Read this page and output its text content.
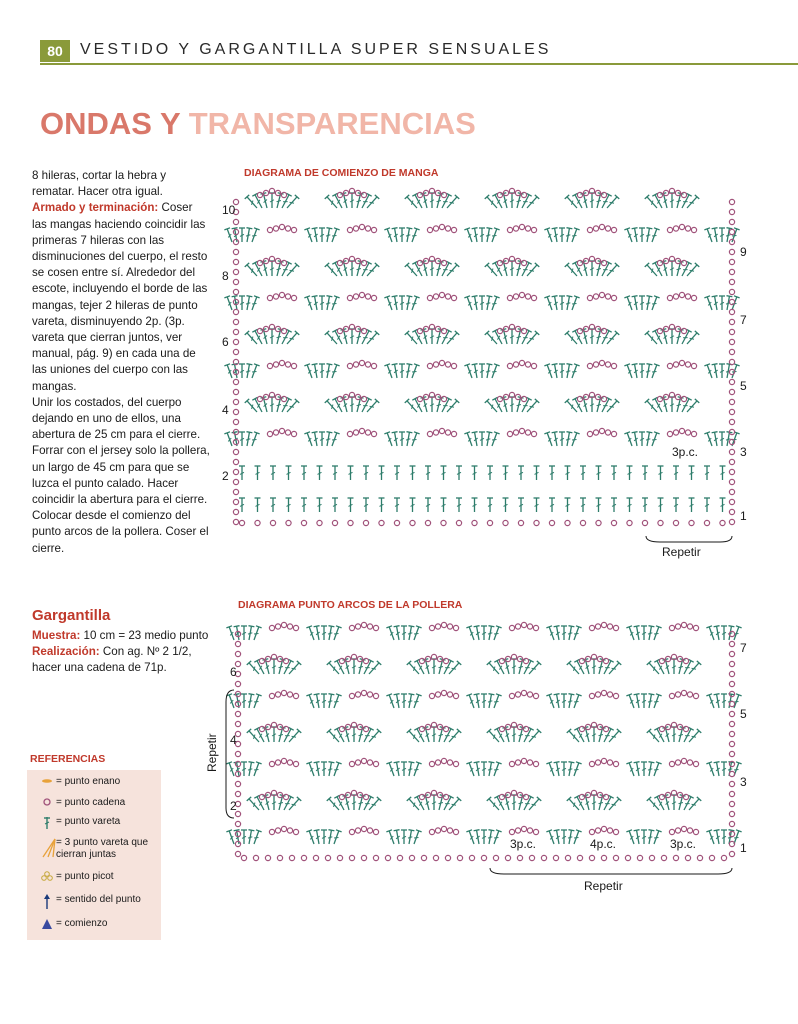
80	VESTIDO Y GARGANTILLA SUPER SENSUALES
ONDAS Y TRANSPARENCIAS

8 hileras, cortar la hebra y rematar. Hacer otra igual.

Armado y terminación: Coser las mangas haciendo coincidir las primeras 7 hileras con las disminuciones del cuerpo, el resto se cosen entre sí. Alrededor del escote, incluyendo el borde de las mangas, tejer 2 hileras de punto vareta, disminuyendo 2p. (3p. vareta que cierran juntos, ver manual, pág. 9) en cada una de las uniones del cuerpo con las mangas.

Unir los costados, del cuerpo dejando en uno de ellos, una abertura de 25 cm para el cierre.

Forrar con el jersey solo la pollera, un largo de 45 cm para que se luzca el punto calado. Hacer coincidir la abertura para el cierre. Colocar desde el comienzo del punto arcos de la pollera. Coser el cierre.

Gargantilla

Muestra: 10 cm = 23 medio punto

Realización: Con ag. Nº 2 1/2, hacer una cadena de 71p.

REFERENCIAS
= punto enano
= punto cadena
= punto vareta
= 3 punto vareta que cierran juntas
= punto picot
= sentido del punto
= comienzo
DIAGRAMA DE COMIENZO DE MANGA
10
8
6
4
2
9
7
5
3
1
3p.c.
Repetir
DIAGRAMA PUNTO ARCOS DE LA POLLERA
6
4
2
7
5
3
1
3p.c.	4p.c.	3p.c.
Repetir
Repetir
